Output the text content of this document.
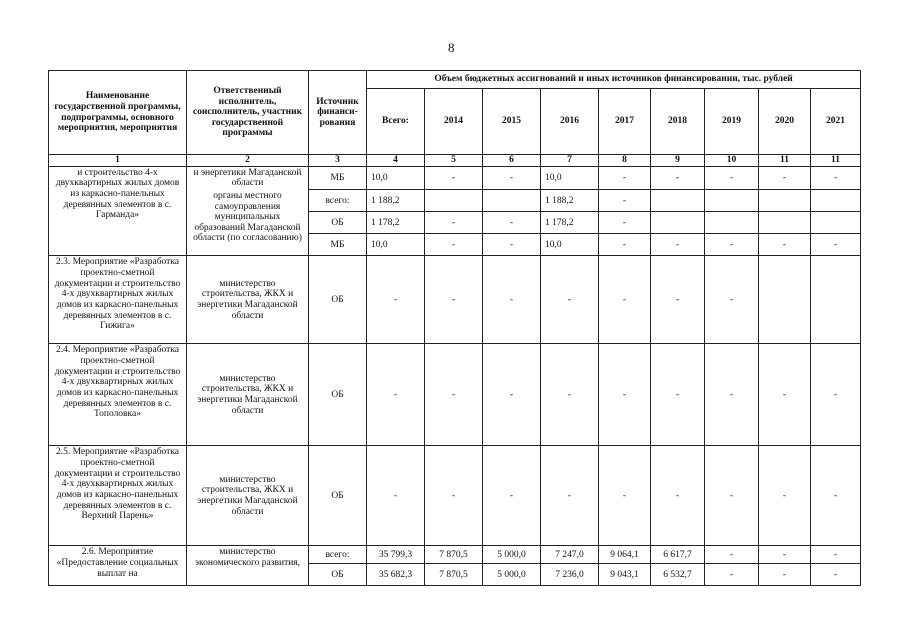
8
Наименование государственной программы, подпрограммы, основного мероприятия, мероприятия	Ответственный исполнитель, соисполнитель, участник государственной программы	Источник финанси-рования	Объем бюджетных ассигнований и иных источников финансировании, тыс. рублей								
			Всего:	2014	2015	2016	2017	2018	2019	2020	2021
1	2	3	4	5	6	7	8	9	10	11	11
и строительство 4-х двухквартирных жилых домов из каркасно-панельных деревянных элементов в с. Гарманда»	и энергетики Магаданской области	МБ	10,0	-	-	10,0	-	-	-	-	-
	органы местного самоуправления муниципальных образований Магаданской области (по согласованию)	всего:	1 188,2			1 188,2	-				
		ОБ	1 178,2	-	-	1 178,2	-				
		МБ	10,0	-	-	10,0	-	-	-	-	-
2.3. Мероприятие «Разработка проектно-сметной документации и строительство 4-х двухквартирных жилых домов из каркасно-панельных деревянных элементов в с. Гижига»	министерство строительства, ЖКХ и энергетики Магаданской области	ОБ	-	-	-	-	-	-	-		
2.4. Мероприятие «Разработка проектно-сметной документации и строительство 4-х двухквартирных жилых домов из каркасно-панельных деревянных элементов в с. Тополовка»	министерство строительства, ЖКХ и энергетики Магаданской области	ОБ	-	-	-	-	-	-	-	-	-
2.5. Мероприятие «Разработка проектно-сметной документации и строительство 4-х двухквартирных жилых домов из каркасно-панельных деревянных элементов в с. Верхний Парень»	министерство строительства, ЖКХ и энергетики Магаданской области	ОБ	-	-	-	-	-	-	-	-	-
2.6. Мероприятие «Предоставление социальных выплат на	министерство экономического развития,	всего:	35 799,3	7 870,5	5 000,0	7 247,0	9 064,1	6 617,7	-	-	-
		ОБ	35 682,3	7 870,5	5 000,0	7 236,0	9 043,1	6 532,7	-	-	-
